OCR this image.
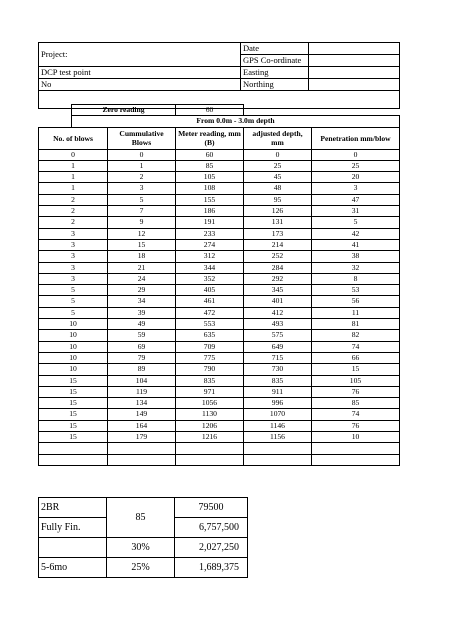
Project:	Date	
	GPS Co-ordinate	
DCP test point	Easting	
No	Northing	

	Zero reading		60		
	From 0.0m - 3.0m depth				
No. of blows		Cummulative Blows	Meter reading, mm (B)	adjusted depth, mm	Penetration mm/blow
0		0	60	0	0
1		1	85	25	25
1		2	105	45	20
1		3	108	48	3
2		5	155	95	47
2		7	186	126	31
2		9	191	131	5
3		12	233	173	42
3		15	274	214	41
3		18	312	252	38
3		21	344	284	32
3		24	352	292	8
5		29	405	345	53
5		34	461	401	56
5		39	472	412	11
10		49	553	493	81
10		59	635	575	82
10		69	709	649	74
10		79	775	715	66
10		89	790	730	15
15		104	835	835	105
15		119	971	911	76
15		134	1056	996	85
15		149	1130	1070	74
15		164	1206	1146	76
15		179	1216	1156	10

2BR	85	79500
Fully Fin.		6,757,500
	30%	2,027,250
5-6mo	25%	1,689,375
